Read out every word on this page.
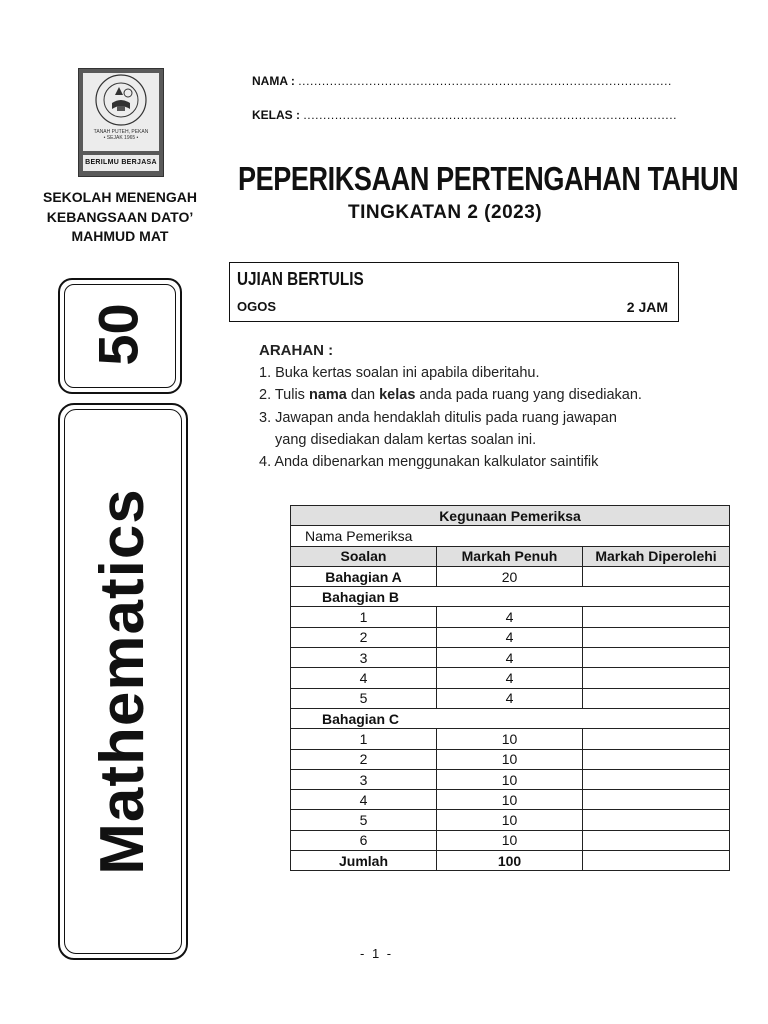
TANAH PUTEH, PEKAN
• SEJAK 1965 •
BERILMU BERJASA
SEKOLAH MENENGAH
KEBANGSAAN DATO’
MAHMUD MAT
NAMA : ...............................................................................................
KELAS : ...............................................................................................
PEPERIKSAAN PERTENGAHAN TAHUN
TINGKATAN 2 (2023)
UJIAN BERTULIS
OGOS	2 JAM
50
Mathematics
ARAHAN :
1. Buka kertas soalan ini apabila diberitahu.
2. Tulis nama dan kelas anda pada ruang yang disediakan.
3. Jawapan anda hendaklah ditulis pada ruang jawapan
yang disediakan dalam kertas soalan ini.
4. Anda dibenarkan menggunakan kalkulator saintifik
Kegunaan Pemeriksa		
Nama Pemeriksa		
Soalan	Markah Penuh	Markah Diperolehi
Bahagian A	20	
Bahagian B		
1	4	
2	4	
3	4	
4	4	
5	4	
Bahagian C		
1	10	
2	10	
3	10	
4	10	
5	10	
6	10	
Jumlah	100	
- 1 -
